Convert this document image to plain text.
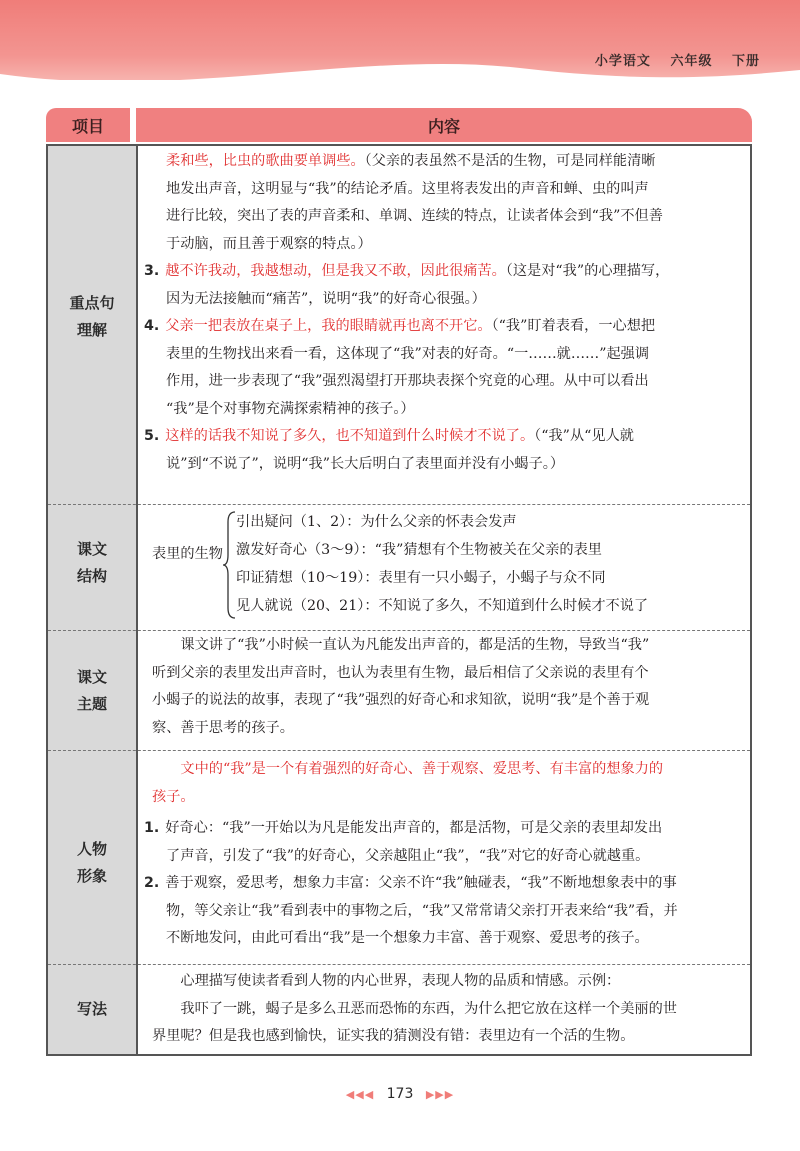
小学语文 六年级 下册
项目	内容
重点句
理解

柔和些，比虫的歌曲要单调些。（父亲的表虽然不是活的生物，可是同样能清晰

地发出声音，这明显与“我”的结论矛盾。这里将表发出的声音和蝉、虫的叫声

进行比较，突出了表的声音柔和、单调、连续的特点，让读者体会到“我”不但善

于动脑，而且善于观察的特点。）

3. 越不许我动，我越想动，但是我又不敢，因此很痛苦。（这是对“我”的心理描写，

因为无法接触而“痛苦”，说明“我”的好奇心很强。）

4. 父亲一把表放在桌子上，我的眼睛就再也离不开它。（“我”盯着表看，一心想把

表里的生物找出来看一看，这体现了“我”对表的好奇。“一……就……”起强调

作用，进一步表现了“我”强烈渴望打开那块表探个究竟的心理。从中可以看出

“我”是个对事物充满探索精神的孩子。）

5. 这样的话我不知说了多久，也不知道到什么时候才不说了。（“我”从“见人就

说”到“不说了”，说明“我”长大后明白了表里面并没有小蝎子。）

课文
结构
表里的生物
引出疑问（1、2）：为什么父亲的怀表会发声
激发好奇心（3～9）：“我”猜想有个生物被关在父亲的表里
印证猜想（10～19）：表里有一只小蝎子，小蝎子与众不同
见人就说（20、21）：不知说了多久，不知道到什么时候才不说了
课文
主题

课文讲了“我”小时候一直认为凡能发出声音的，都是活的生物，导致当“我”

听到父亲的表里发出声音时，也认为表里有生物，最后相信了父亲说的表里有个

小蝎子的说法的故事，表现了“我”强烈的好奇心和求知欲，说明“我”是个善于观

察、善于思考的孩子。

人物
形象

文中的“我”是一个有着强烈的好奇心、善于观察、爱思考、有丰富的想象力的

孩子。

1. 好奇心：“我”一开始以为凡是能发出声音的，都是活物，可是父亲的表里却发出

了声音，引发了“我”的好奇心，父亲越阻止“我”，“我”对它的好奇心就越重。

2. 善于观察，爱思考，想象力丰富：父亲不许“我”触碰表，“我”不断地想象表中的事

物，等父亲让“我”看到表中的事物之后，“我”又常常请父亲打开表来给“我”看，并

不断地发问，由此可看出“我”是一个想象力丰富、善于观察、爱思考的孩子。

写法

心理描写使读者看到人物的内心世界，表现人物的品质和情感。示例：

我吓了一跳，蝎子是多么丑恶而恐怖的东西，为什么把它放在这样一个美丽的世

界里呢？但是我也感到愉快，证实我的猜测没有错：表里边有一个活的生物。

◀◀◀ 173 ▶▶▶
